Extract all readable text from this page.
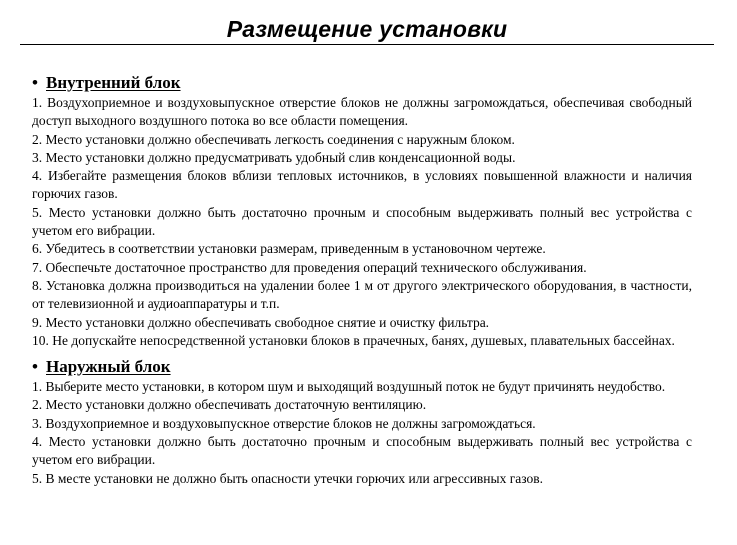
Размещение установки
• Внутренний блок

1. Воздухоприемное и воздуховыпускное отверстие блоков не должны загромождаться, обеспечивая свободный доступ выходного воздушного потока во все области помещения.

2. Место установки должно обеспечивать легкость соединения с наружным блоком.

3. Место установки должно предусматривать удобный слив конденсационной воды.

4. Избегайте размещения блоков вблизи тепловых источников, в условиях повышенной влажности и наличия горючих газов.

5. Место установки должно быть достаточно прочным и способным выдерживать полный вес устройства с учетом его вибрации.

6. Убедитесь в соответствии установки размерам, приведенным в установочном чертеже.

7. Обеспечьте достаточное пространство для проведения операций технического обслуживания.

8. Установка должна производиться на удалении более 1 м от другого электрического оборудования, в частности, от телевизионной и аудиоаппаратуры и т.п.

9. Место установки должно обеспечивать свободное снятие и очистку фильтра.

10. Не допускайте непосредственной установки блоков в прачечных, банях, душевых, плавательных бассейнах.

• Наружный блок

1. Выберите место установки, в котором шум и выходящий воздушный поток не будут причинять неудобство.

2. Место установки должно обеспечивать достаточную вентиляцию.

3. Воздухоприемное и воздуховыпускное отверстие блоков не должны загромождаться.

4. Место установки должно быть достаточно прочным и способным выдерживать полный вес устройства с учетом его вибрации.

5. В месте установки не должно быть опасности утечки горючих или агрессивных газов.
